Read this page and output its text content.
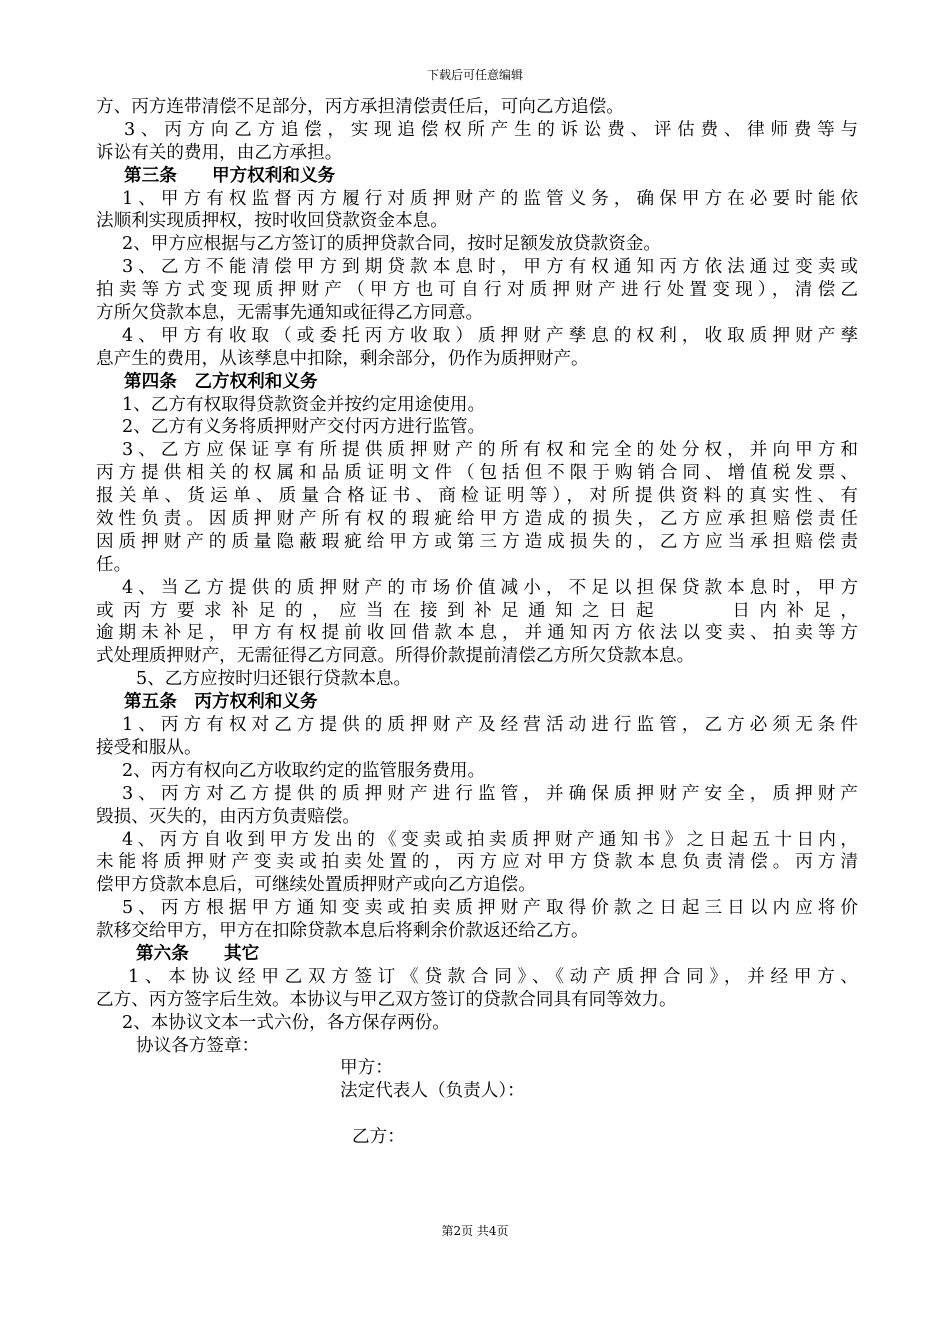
下载后可任意编辑
方、丙方连带清偿不足部分，丙方承担清偿责任后，可向乙方追偿。
3、丙方向乙方追偿，实现追偿权所产生的诉讼费、评估费、律师费等与
诉讼有关的费用，由乙方承担。
第三条　　甲方权利和义务
1、甲方有权监督丙方履行对质押财产的监管义务，确保甲方在必要时能依
法顺利实现质押权，按时收回贷款资金本息。
2、甲方应根据与乙方签订的质押贷款合同，按时足额发放贷款资金。
3、乙方不能清偿甲方到期贷款本息时，甲方有权通知丙方依法通过变卖或
拍卖等方式变现质押财产（甲方也可自行对质押财产进行处置变现），清偿乙
方所欠贷款本息，无需事先通知或征得乙方同意。
4、甲方有收取（或委托丙方收取）质押财产孳息的权利，收取质押财产孳
息产生的费用，从该孳息中扣除，剩余部分，仍作为质押财产。
第四条　乙方权利和义务
1、乙方有权取得贷款资金并按约定用途使用。
2、乙方有义务将质押财产交付丙方进行监管。
3、乙方应保证享有所提供质押财产的所有权和完全的处分权，并向甲方和
丙方提供相关的权属和品质证明文件（包括但不限于购销合同、增值税发票、
报关单、货运单、质量合格证书、商检证明等），对所提供资料的真实性、有
效性负责。因质押财产所有权的瑕疵给甲方造成的损失，乙方应承担赔偿责任
因质押财产的质量隐蔽瑕疵给甲方或第三方造成损失的，乙方应当承担赔偿责
任。
4、当乙方提供的质押财产的市场价值减小，不足以担保贷款本息时，甲方
或丙方要求补足的，应当在接到补足通知之日起	日内补足，
逾期未补足，甲方有权提前收回借款本息，并通知丙方依法以变卖、拍卖等方
式处理质押财产，无需征得乙方同意。所得价款提前清偿乙方所欠贷款本息。
5、乙方应按时归还银行贷款本息。
第五条　丙方权利和义务
1、丙方有权对乙方提供的质押财产及经营活动进行监管，乙方必须无条件
接受和服从。
2、丙方有权向乙方收取约定的监管服务费用。
3、丙方对乙方提供的质押财产进行监管，并确保质押财产安全，质押财产
毁损、灭失的，由丙方负责赔偿。
4、丙方自收到甲方发出的《变卖或拍卖质押财产通知书》之日起五十日内，
未能将质押财产变卖或拍卖处置的，丙方应对甲方贷款本息负责清偿。丙方清
偿甲方贷款本息后，可继续处置质押财产或向乙方追偿。
5、丙方根据甲方通知变卖或拍卖质押财产取得价款之日起三日以内应将价
款移交给甲方，甲方在扣除贷款本息后将剩余价款返还给乙方。
第六条　　其它
1、本协议经甲乙双方签订《贷款合同》、《动产质押合同》，并经甲方、
乙方、丙方签字后生效。本协议与甲乙双方签订的贷款合同具有同等效力。
2、本协议文本一式六份，各方保存两份。
协议各方签章：
甲方：
法定代表人（负责人）：
乙方：
第2页 共4页
